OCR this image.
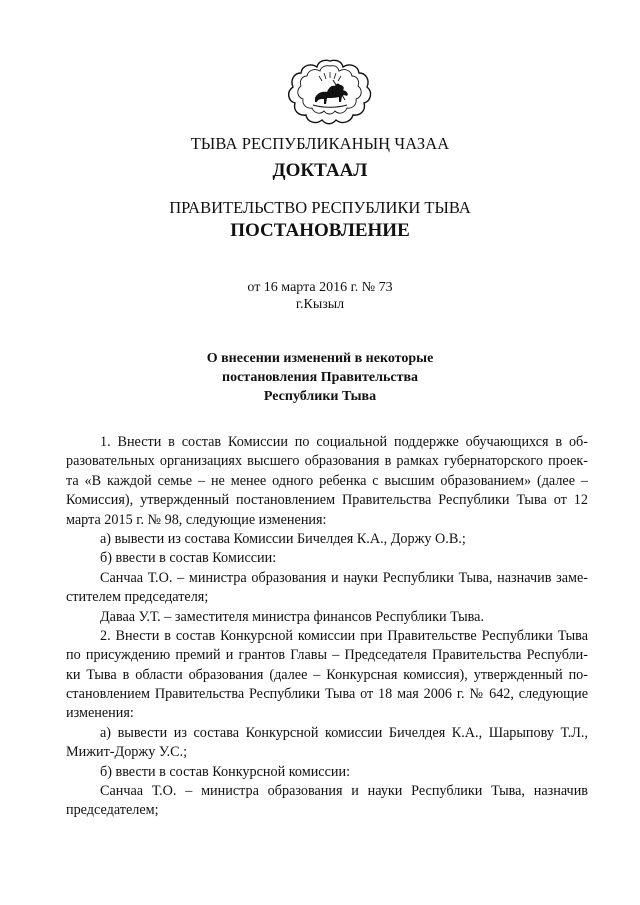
ТЫВА РЕСПУБЛИКАНЫҢ ЧАЗАА
ДОКТААЛ
ПРАВИТЕЛЬСТВО РЕСПУБЛИКИ ТЫВА
ПОСТАНОВЛЕНИЕ
от 16 марта 2016 г. № 73
г.Кызыл
О внесении изменений в некоторые
постановления Правительства
Республики Тыва
1. Внести в состав Комиссии по социальной поддержке обучающихся в об-
разовательных организациях высшего образования в рамках губернаторского проек-
та «В каждой семье – не менее одного ребенка с высшим образованием» (далее –
Комиссия), утвержденный постановлением Правительства Республики Тыва от 12
марта 2015 г. № 98, следующие изменения:
а) вывести из состава Комиссии Бичелдея К.А., Доржу О.В.;
б) ввести в состав Комиссии:
Санчаа Т.О. – министра образования и науки Республики Тыва, назначив заме-
стителем председателя;
Даваа У.Т. – заместителя министра финансов Республики Тыва.
2. Внести в состав Конкурсной комиссии при Правительстве Республики Тыва
по присуждению премий и грантов Главы – Председателя Правительства Республи-
ки Тыва в области образования (далее – Конкурсная комиссия), утвержденный по-
становлением Правительства Республики Тыва от 18 мая 2006 г. № 642, следующие
изменения:
а) вывести из состава Конкурсной комиссии Бичелдея К.А., Шарыпову Т.Л.,
Мижит-Доржу У.С.;
б) ввести в состав Конкурсной комиссии:
Санчаа Т.О. – министра образования и науки Республики Тыва, назначив
председателем;
